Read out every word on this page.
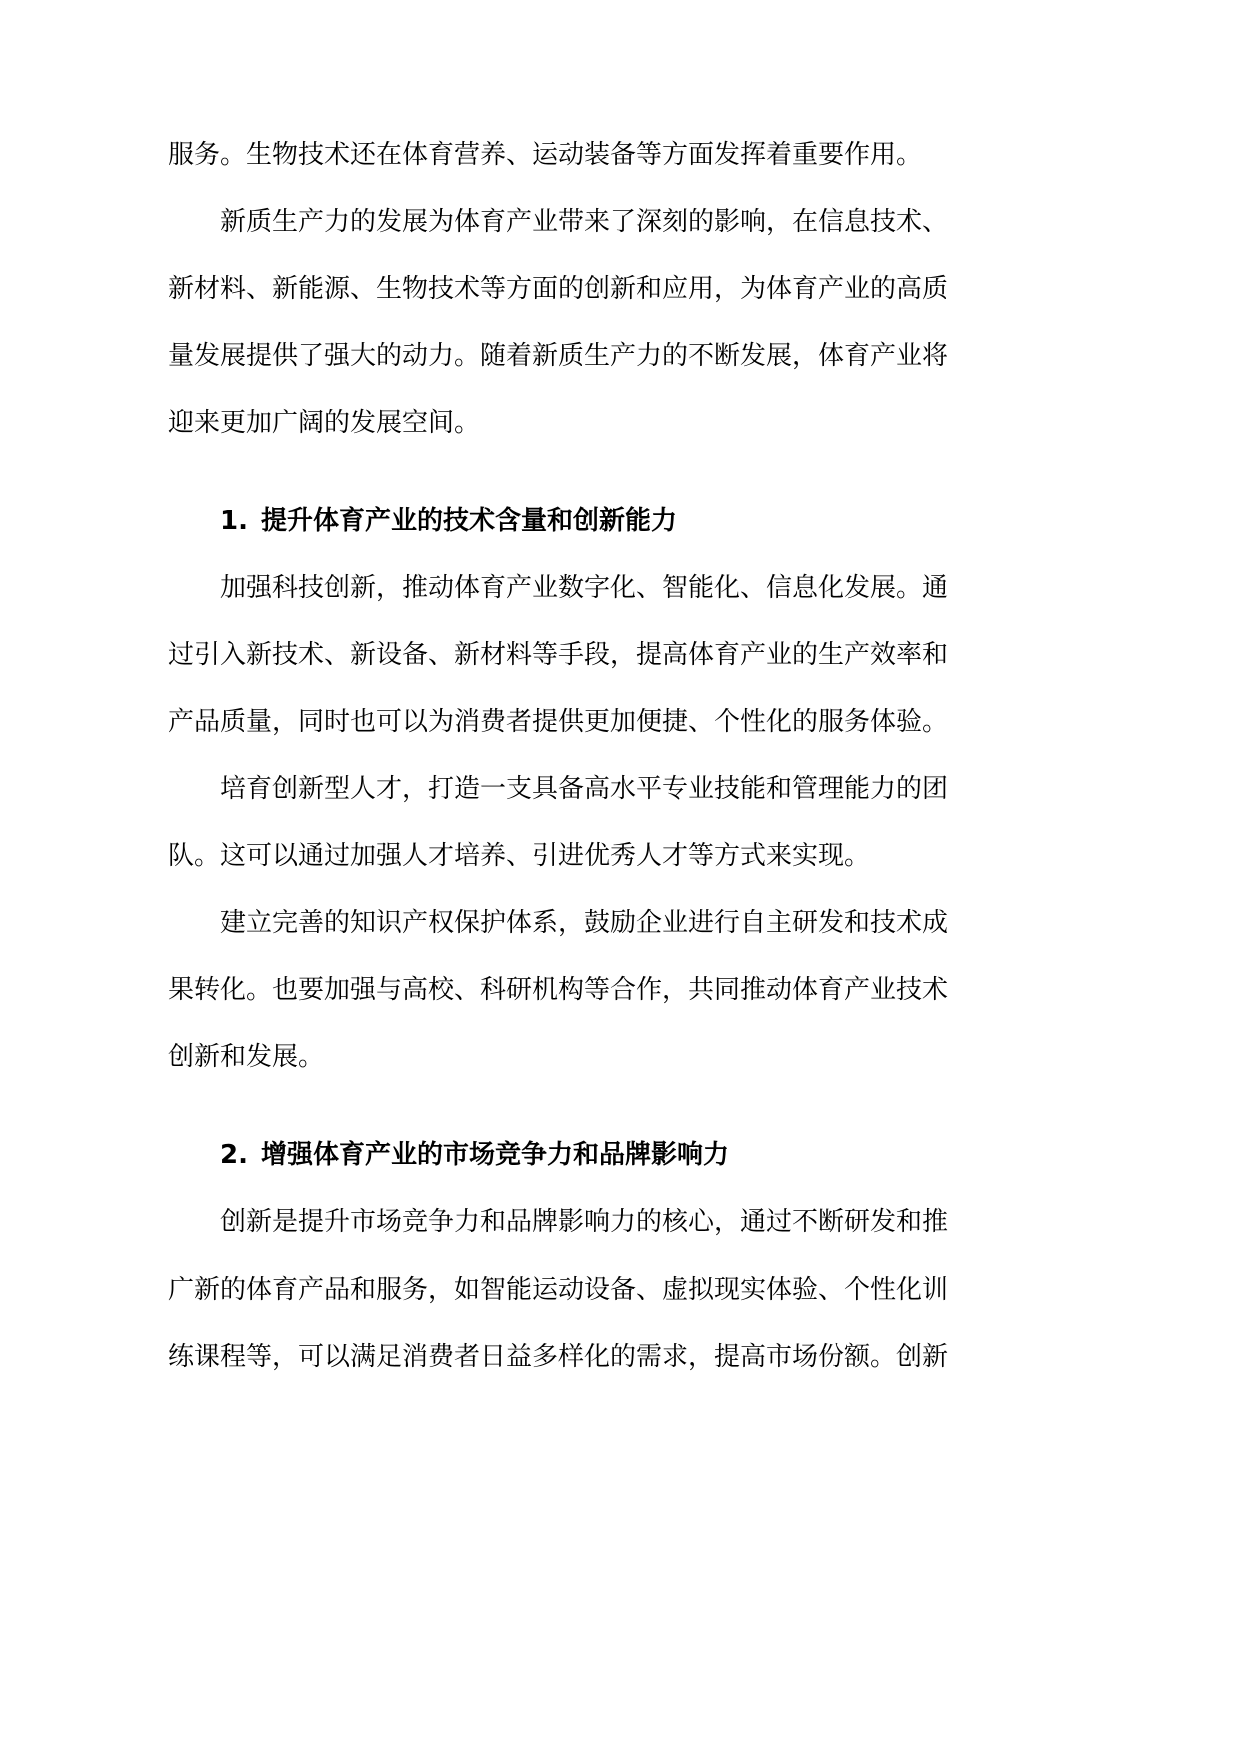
服务。生物技术还在体育营养、运动装备等方面发挥着重要作用。
新质生产力的发展为体育产业带来了深刻的影响，在信息技术、
新材料、新能源、生物技术等方面的创新和应用，为体育产业的高质
量发展提供了强大的动力。随着新质生产力的不断发展，体育产业将
迎来更加广阔的发展空间。
1. 提升体育产业的技术含量和创新能力
加强科技创新，推动体育产业数字化、智能化、信息化发展。通
过引入新技术、新设备、新材料等手段，提高体育产业的生产效率和
产品质量，同时也可以为消费者提供更加便捷、个性化的服务体验。
培育创新型人才，打造一支具备高水平专业技能和管理能力的团
队。这可以通过加强人才培养、引进优秀人才等方式来实现。
建立完善的知识产权保护体系，鼓励企业进行自主研发和技术成
果转化。也要加强与高校、科研机构等合作，共同推动体育产业技术
创新和发展。
2. 增强体育产业的市场竞争力和品牌影响力
创新是提升市场竞争力和品牌影响力的核心，通过不断研发和推
广新的体育产品和服务，如智能运动设备、虚拟现实体验、个性化训
练课程等，可以满足消费者日益多样化的需求，提高市场份额。创新
